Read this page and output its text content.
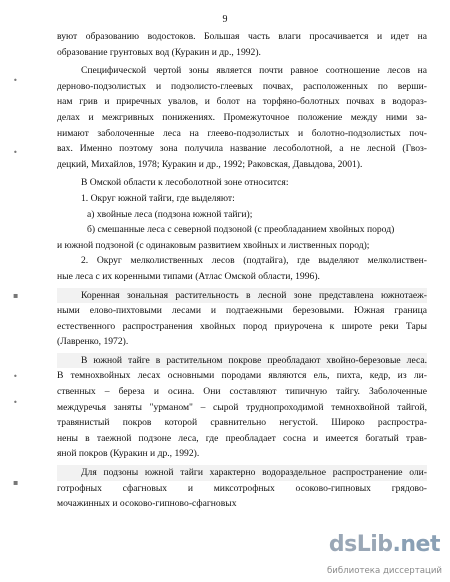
9
•
•
▪
•
•
▪
вуют образованию водостоков. Большая часть влаги просачивается и идет на
образование грунтовых вод (Куракин и др., 1992).
Специфической чертой зоны является почти равное соотношение лесов на
дерново-подзолистых и подзолисто-глеевых почвах, расположенных по верши-
нам грив и приречных увалов, и болот на торфяно-болотных почвах в водораз-
делах и межгривных понижениях. Промежуточное положение между ними за-
нимают заболоченные леса на глеево-подзолистых и болотно-подзолистых поч-
вах. Именно поэтому зона получила название лесоболотной, а не лесной (Гвоз-
децкий, Михайлов, 1978; Куракин и др., 1992; Раковская, Давыдова, 2001).
В Омской области к лесоболотной зоне относится:
1. Округ южной тайги, где выделяют:
а) хвойные леса (подзона южной тайги);
б) смешанные леса с северной подзоной (с преобладанием хвойных пород)
и южной подзоной (с одинаковым развитием хвойных и лиственных пород);
2. Округ мелколиственных лесов (подтайга), где выделяют мелколиствен-
ные леса с их коренными типами (Атлас Омской области, 1996).
Коренная зональная растительность в лесной зоне представлена южнотаеж-
ными елово-пихтовыми лесами и подтаежными березовыми. Южная граница
естественного распространения хвойных пород приурочена к широте реки Тары
(Лавренко, 1972).
В южной тайге в растительном покрове преобладают хвойно-березовые леса.
В темнохвойных лесах основными породами являются ель, пихта, кедр, из ли-
ственных – береза и осина. Они составляют типичную тайгу. Заболоченные
междуречья заняты "урманом" – сырой труднопроходимой темнохвойной тайгой,
травянистый покров которой сравнительно негустой. Широко распростра-
нены в таежной подзоне леса, где преобладает сосна и имеется богатый трав-
яной покров (Куракин и др., 1992).
Для подзоны южной тайги характерно водораздельное распространение оли-
готрофных сфагновых и миксотрофных осоково-гипновых грядово-
мочажинных и осоково-гипново-сфагновых
dsLib.net
библиотека диссертаций
